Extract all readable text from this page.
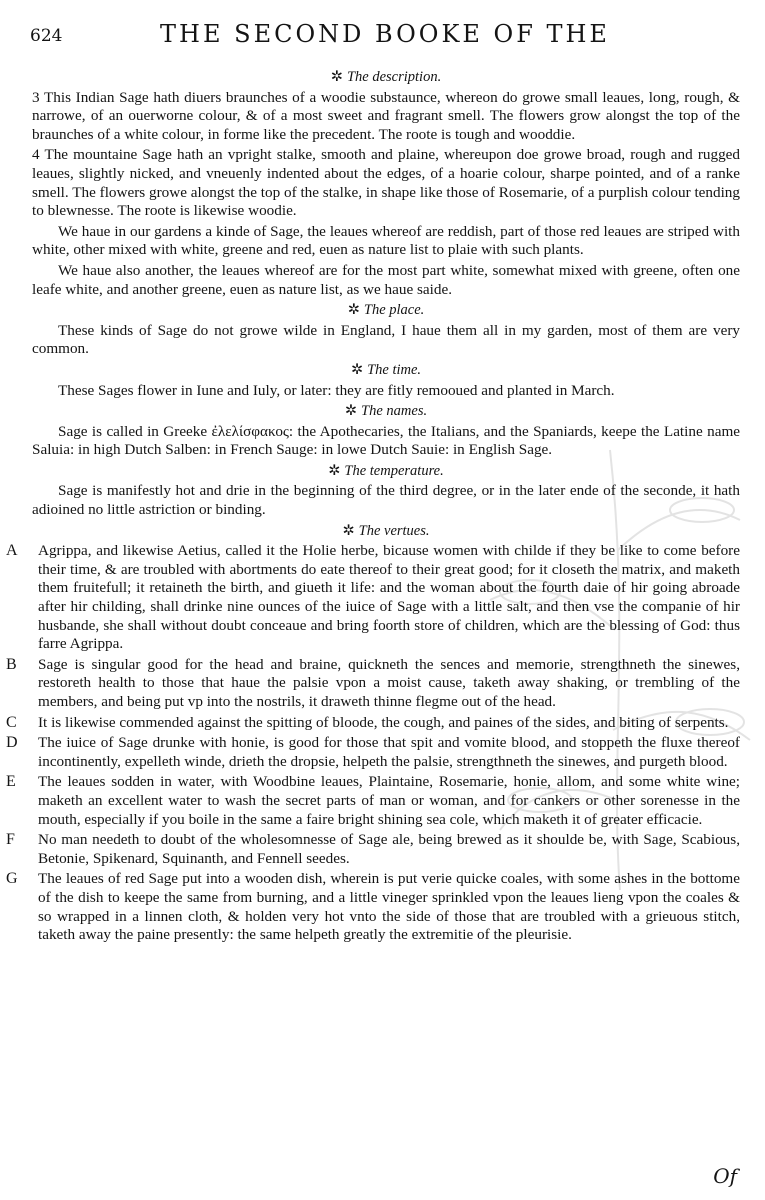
624	THE SECOND BOOKE OF THE
✲ The description.

3 This Indian Sage hath diuers braunches of a woodie substaunce, whereon do growe small leaues, long, rough, & narrowe, of an ouerworne colour, & of a most sweet and fragrant smell. The flowers grow alongst the top of the braunches of a white colour, in forme like the precedent. The roote is tough and wooddie.

4 The mountaine Sage hath an vpright stalke, smooth and plaine, whereupon doe growe broad, rough and rugged leaues, slightly nicked, and vneuenly indented about the edges, of a hoarie colour, sharpe pointed, and of a ranke smell. The flowers growe alongst the top of the stalke, in shape like those of Rosemarie, of a purplish colour tending to blewnesse. The roote is likewise woodie.

We haue in our gardens a kinde of Sage, the leaues whereof are reddish, part of those red leaues are striped with white, other mixed with white, greene and red, euen as nature list to plaie with such plants.

We haue also another, the leaues whereof are for the most part white, somewhat mixed with greene, often one leafe white, and another greene, euen as nature list, as we haue saide.

✲ The place.

These kinds of Sage do not growe wilde in England, I haue them all in my garden, most of them are very common.

✲ The time.

These Sages flower in Iune and Iuly, or later: they are fitly remooued and planted in March.

✲ The names.

Sage is called in Greeke ἐλελίσφακος: the Apothecaries, the Italians, and the Spaniards, keepe the Latine name Saluia: in high Dutch Salben: in French Sauge: in lowe Dutch Sauie: in English Sage.

✲ The temperature.

Sage is manifestly hot and drie in the beginning of the third degree, or in the later ende of the seconde, it hath adioined no little astriction or binding.

✲ The vertues.
A Agrippa, and likewise Aetius, called it the Holie herbe, bicause women with childe if they be like to come before their time, & are troubled with abortments do eate thereof to their great good; for it closeth the matrix, and maketh them fruitefull; it retaineth the birth, and giueth it life: and the woman about the fourth daie of hir going abroade after hir childing, shall drinke nine ounces of the iuice of Sage with a little salt, and then vse the companie of hir husbande, she shall without doubt conceaue and bring foorth store of children, which are the blessing of God: thus farre Agrippa.

B Sage is singular good for the head and braine, quickneth the sences and memorie, strengthneth the sinewes, restoreth health to those that haue the palsie vpon a moist cause, taketh away shaking, or trembling of the members, and being put vp into the nostrils, it draweth thinne flegme out of the head.

C It is likewise commended against the spitting of bloode, the cough, and paines of the sides, and biting of serpents.

D The iuice of Sage drunke with honie, is good for those that spit and vomite blood, and stoppeth the fluxe thereof incontinently, expelleth winde, drieth the dropsie, helpeth the palsie, strengthneth the sinewes, and purgeth blood.

E The leaues sodden in water, with Woodbine leaues, Plaintaine, Rosemarie, honie, allom, and some white wine; maketh an excellent water to wash the secret parts of man or woman, and for cankers or other sorenesse in the mouth, especially if you boile in the same a faire bright shining sea cole, which maketh it of greater efficacie.

F No man needeth to doubt of the wholesomnesse of Sage ale, being brewed as it shoulde be, with Sage, Scabious, Betonie, Spikenard, Squinanth, and Fennell seedes.

G The leaues of red Sage put into a wooden dish, wherein is put verie quicke coales, with some ashes in the bottome of the dish to keepe the same from burning, and a little vineger sprinkled vpon the leaues lieng vpon the coales & so wrapped in a linnen cloth, & holden very hot vnto the side of those that are troubled with a grieuous stitch, taketh away the paine presently: the same helpeth greatly the extremitie of the pleurisie.

Of
